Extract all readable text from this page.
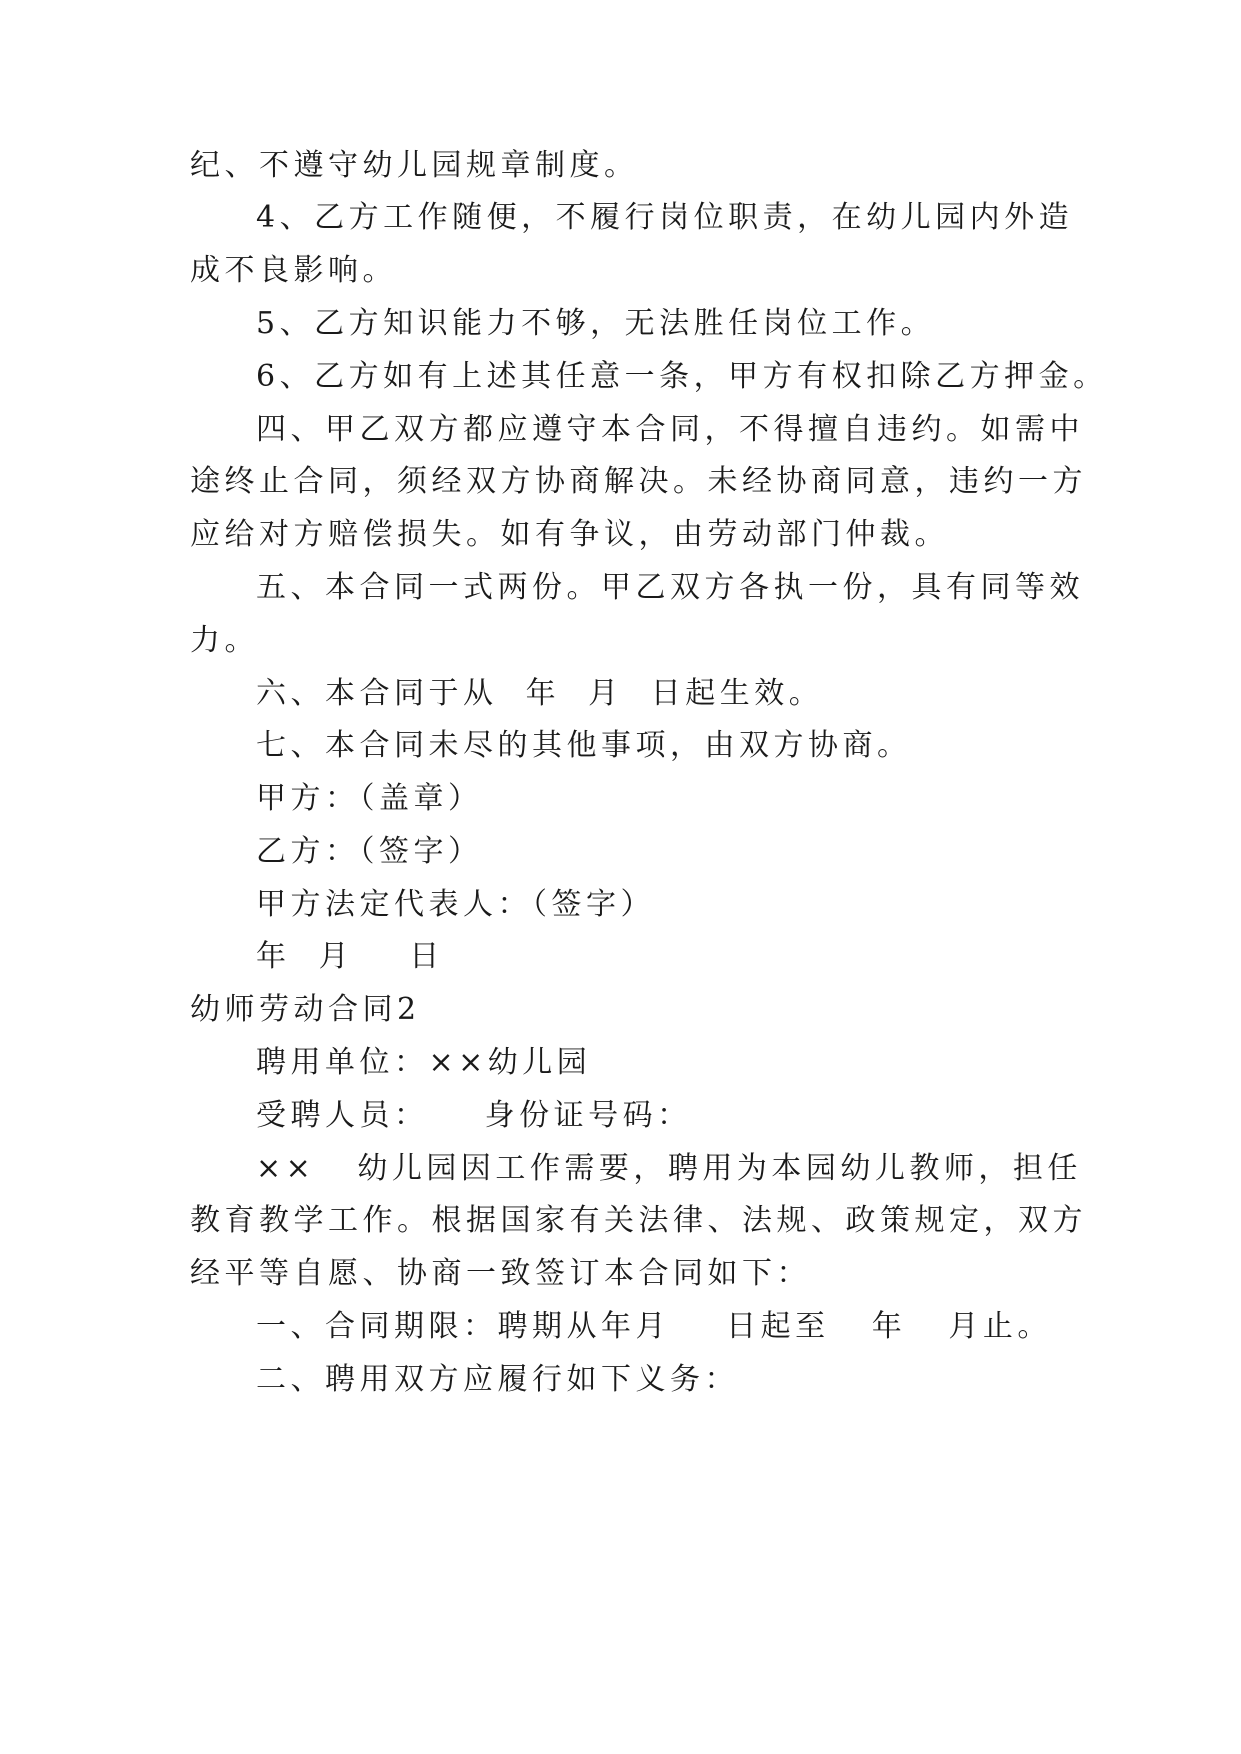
纪、不遵守幼儿园规章制度。
4、乙方工作随便，不履行岗位职责，在幼儿园内外造
成不良影响。
5、乙方知识能力不够，无法胜任岗位工作。
6、乙方如有上述其任意一条，甲方有权扣除乙方押金。
四、甲乙双方都应遵守本合同，不得擅自违约。如需中
途终止合同，须经双方协商解决。未经协商同意，违约一方
应给对方赔偿损失。如有争议，由劳动部门仲裁。
五、本合同一式两份。甲乙双方各执一份，具有同等效
力。
六、本合同于从  年  月  日起生效。
七、本合同未尽的其他事项，由双方协商。
甲方：（盖章）
乙方：（签字）
甲方法定代表人：（签字）
年  月    日
幼师劳动合同2
聘用单位：××幼儿园
受聘人员：    身份证号码：
××   幼儿园因工作需要，聘用为本园幼儿教师，担任
教育教学工作。根据国家有关法律、法规、政策规定，双方
经平等自愿、协商一致签订本合同如下：
一、合同期限：聘期从年月    日起至   年   月止。
二、聘用双方应履行如下义务：
